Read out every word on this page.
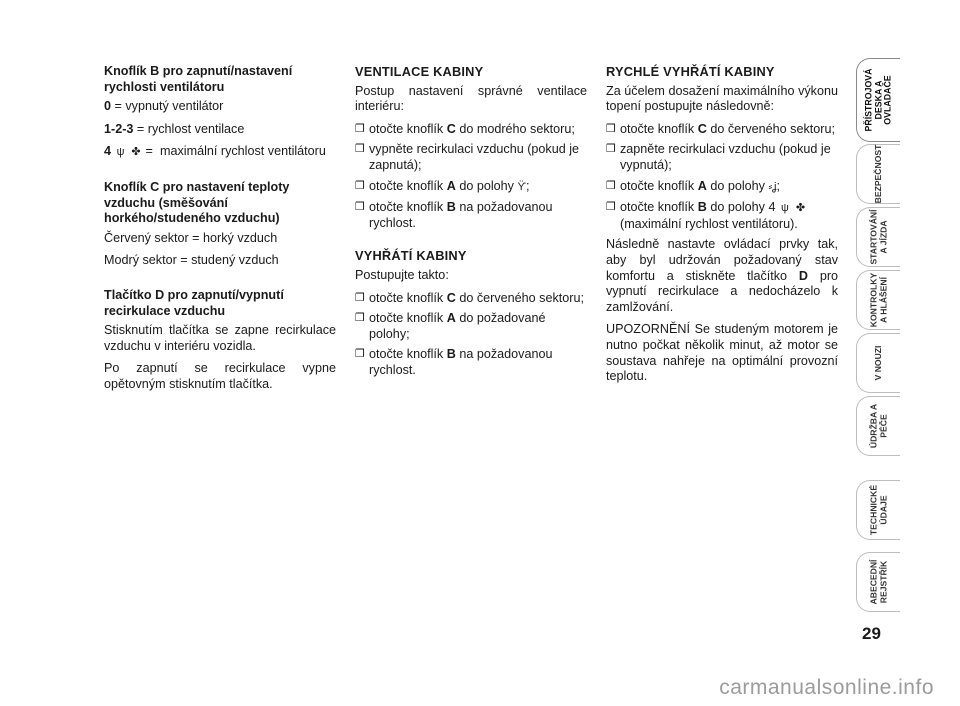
Knoflík B pro zapnutí/nastavení rychlosti ventilátoru
0 = vypnutý ventilátor
1-2-3 = rychlost ventilace
4 ψ ✤ = maximální rychlost ventilátoru
Knoflík C pro nastavení teploty vzduchu (směšování horkého/studeného vzduchu)
Červený sektor = horký vzduch
Modrý sektor = studený vzduch
Tlačítko D pro zapnutí/vypnutí recirkulace vzduchu
Stisknutím tlačítka se zapne recirkulace vzduchu v interiéru vozidla.
Po zapnutí se recirkulace vypne opětovným stisknutím tlačítka.
VENTILACE KABINY
Postup nastavení správné ventilace interiéru:
❒ otočte knoflík C do modrého sektoru;
❒ vypněte recirkulaci vzduchu (pokud je zapnutá);
❒ otočte knoflík A do polohy ϔ;
❒ otočte knoflík B na požadovanou rychlost.
VYHŘÁTÍ KABINY
Postupujte takto:
❒ otočte knoflík C do červeného sektoru;
❒ otočte knoflík A do požadované polohy;
❒ otočte knoflík B na požadovanou rychlost.
RYCHLÉ VYHŘÁTÍ KABINY
Za účelem dosažení maximálního výkonu topení postupujte následovně:
❒ otočte knoflík C do červeného sektoru;
❒ zapněte recirkulaci vzduchu (pokud je vypnutá);
❒ otočte knoflík A do polohy ⸗ʝ;
❒ otočte knoflík B do polohy 4 ψ ✤ (maximální rychlost ventilátoru).
Následně nastavte ovládací prvky tak, aby byl udržován požadovaný stav komfortu a stiskněte tlačítko D pro vypnutí recirkulace a nedocházelo k zamlžování.
UPOZORNĚNÍ Se studeným motorem je nutno počkat několik minut, až motor se soustava nahřeje na optimální provozní teplotu.
PŘÍSTROJOVÁ DESKA A OVLADAČE
BEZPEČNOST
STARTOVÁNÍ A JÍZDA
KONTROLKY A HLÁŠENÍ
V NOUZI
ÚDRŽBA A PÉČE
TECHNICKÉ ÚDAJE
ABECEDNÍ REJSTŘÍK
29
carmanualsonline.info
